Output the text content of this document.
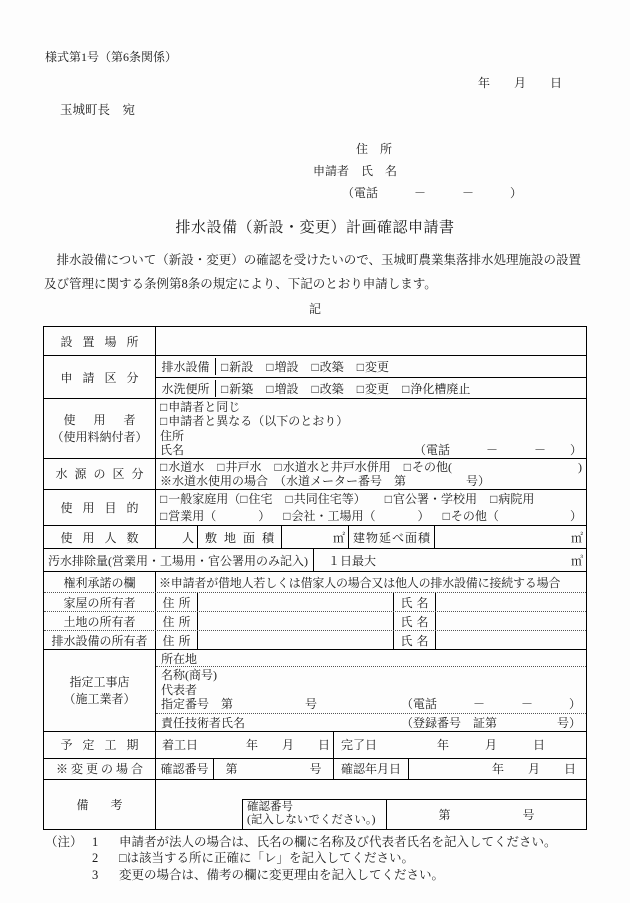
様式第1号（第6条関係）
年　　月　　日
玉城町長　宛
住　所
申請者　 氏　名
（電話　　　－　　　－　　　）
排水設備（新設・変更）計画確認申請書
　排水設備について（新設・変更）の確認を受けたいので、玉城町農業集落排水処理施設の設置
及び管理に関する条例第8条の規定により、下記のとおり申請します。
記
設置場所
申請区分
排水設備 □新設 □増設 □改築 □変更
水洗便所 □新築 □増設 □改築 □変更 □浄化槽廃止
使用者
（使用料納付者）
□申請者と同じ
□申請者と異なる（以下のとおり）
住所
氏名	（電話　　　－　　　－　　）
水源の区分
□水道水 □井戸水 □水道水と井戸水併用 □その他(	)
※水道水使用の場合　（水道メーター番号　第　　　　　号）
使用目的
□一般家庭用（ □住宅 □共同住宅等） □官公署・学校用 □病院用
□営業用（	） □会社・工場用（	） □その他（	）
使用人数	人 敷地面積	㎡ 建物延べ面積	㎡
汚水排除量(営業用・工場用・官公署用のみ記入)	１日最大	㎥
権利承諾の欄	※申請者が借地人若しくは借家人の場合又は他人の排水設備に接続する場合
家屋の所有者	住所	氏名
土地の所有者	住所	氏名
排水設備の所有者	住所	氏名
指定工事店
（施工業者）
所在地
名称(商号)
代表者
指定番号　第　　　　　　号	（電話　　　－　　　－　　　）
責任技術者氏名	（登録番号　証第　　　　　号）
予定工期	着工日　　　　年　　月　　日 完了日　　　　　年　　　月　　　日
※変更の場合	確認番号	第　　　　　　号	確認年月日	年　　月　　日
備考	確認番号
(記入しないでください。)	第　　　　　　号
（注） 1	申請者が法人の場合は、氏名の欄に名称及び代表者氏名を記入してください。
2	□は該当する所に正確に「レ」を記入してください。
3	変更の場合は、備考の欄に変更理由を記入してください。
